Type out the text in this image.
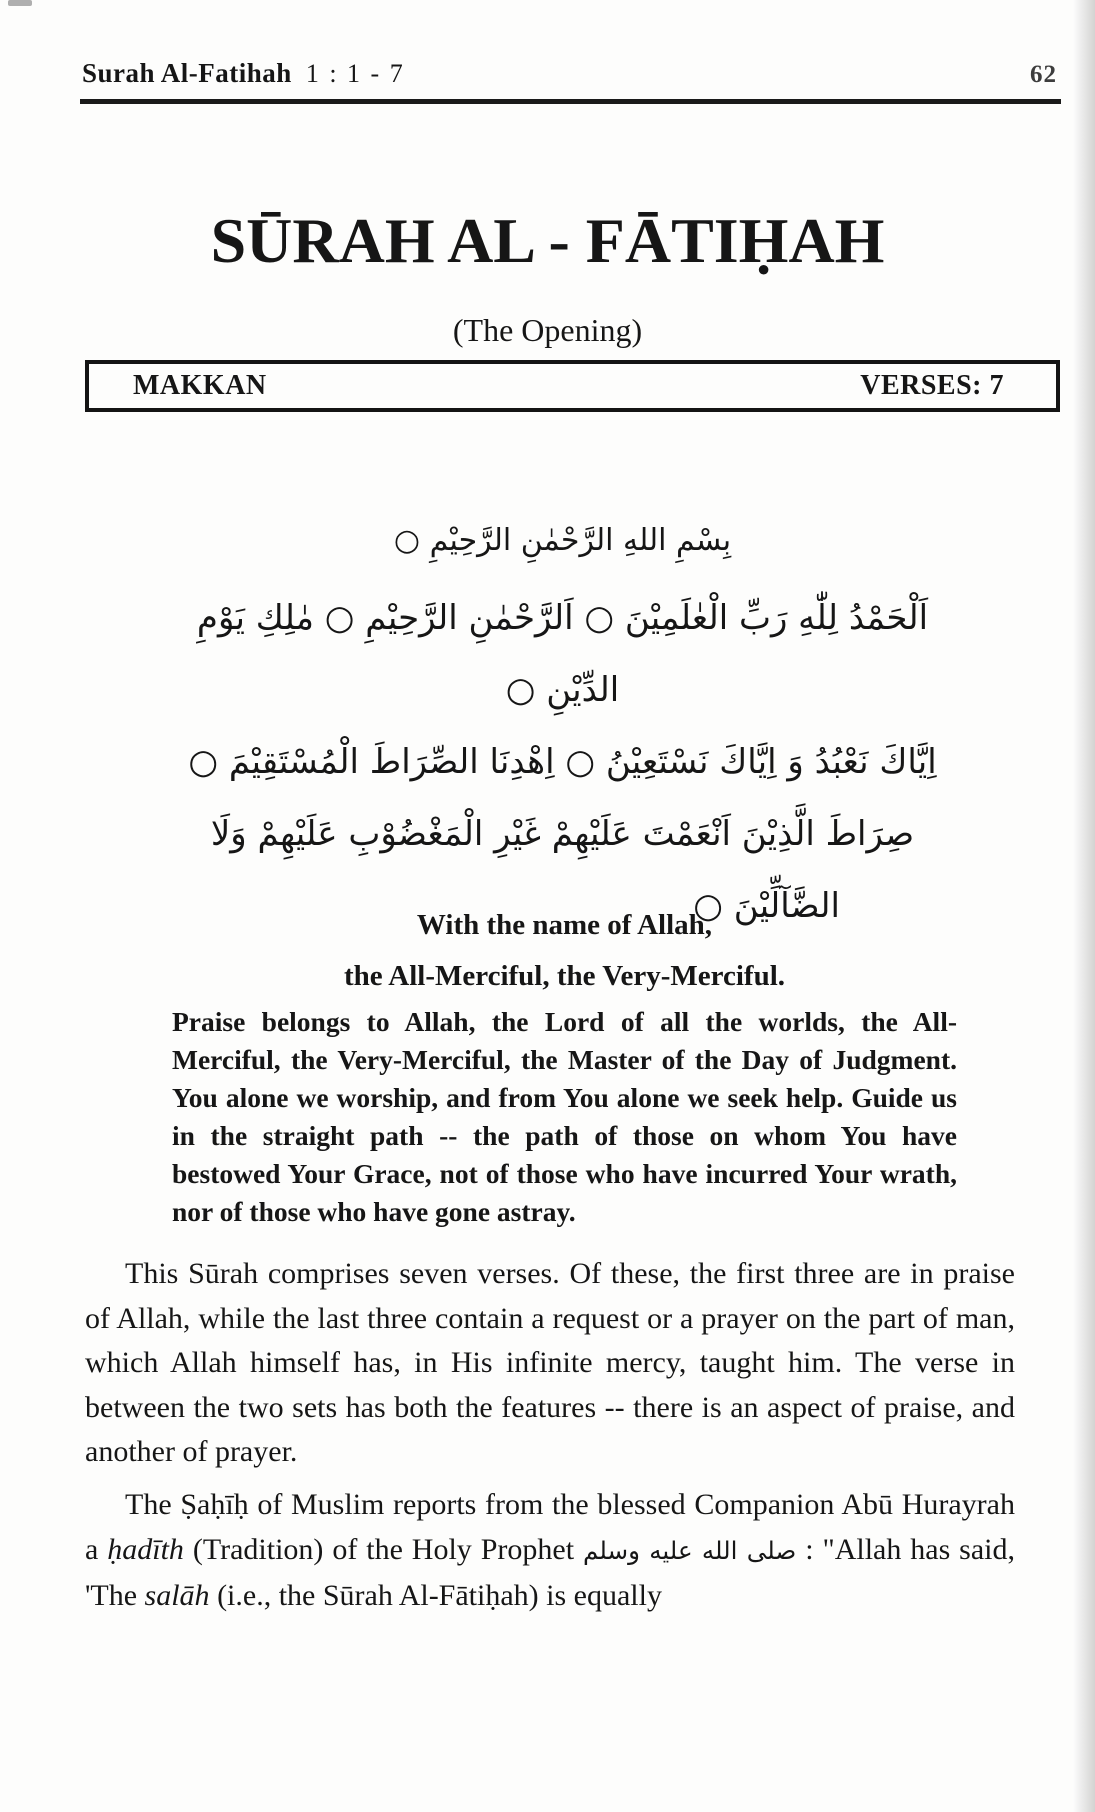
Surah Al-Fatihah 1 : 1 - 7	62
SŪRAH AL - FĀTIḤAH
(The Opening)
MAKKAN	VERSES: 7
بِسْمِ اللهِ الرَّحْمٰنِ الرَّحِيْمِ ○
اَلْحَمْدُ لِلّٰهِ رَبِّ الْعٰلَمِيْنَ ○ اَلرَّحْمٰنِ الرَّحِيْمِ ○ مٰلِكِ يَوْمِ الدِّيْنِ ○
اِيَّاكَ نَعْبُدُ وَ اِيَّاكَ نَسْتَعِيْنُ ○ اِهْدِنَا الصِّرَاطَ الْمُسْتَقِيْمَ ○
صِرَاطَ الَّذِيْنَ اَنْعَمْتَ عَلَيْهِمْ غَيْرِ الْمَغْضُوْبِ عَلَيْهِمْ وَلَا
الضَّآلِّيْنَ ○
With the name of Allah,
the All-Merciful, the Very-Merciful.

Praise belongs to Allah, the Lord of all the worlds, the All-Merciful, the Very-Merciful, the Master of the Day of Judgment. You alone we worship, and from You alone we seek help. Guide us in the straight path -- the path of those on whom You have bestowed Your Grace, not of those who have incurred Your wrath, nor of those who have gone astray.

This Sūrah comprises seven verses. Of these, the first three are in praise of Allah, while the last three contain a request or a prayer on the part of man, which Allah himself has, in His infinite mercy, taught him. The verse in between the two sets has both the features -- there is an aspect of praise, and another of prayer.

The Ṣaḥīḥ of Muslim reports from the blessed Companion Abū Hurayrah a ḥadīth (Tradition) of the Holy Prophet صلى الله عليه وسلم : "Allah has said, 'The salāh (i.e., the Sūrah Al-Fātiḥah) is equally
